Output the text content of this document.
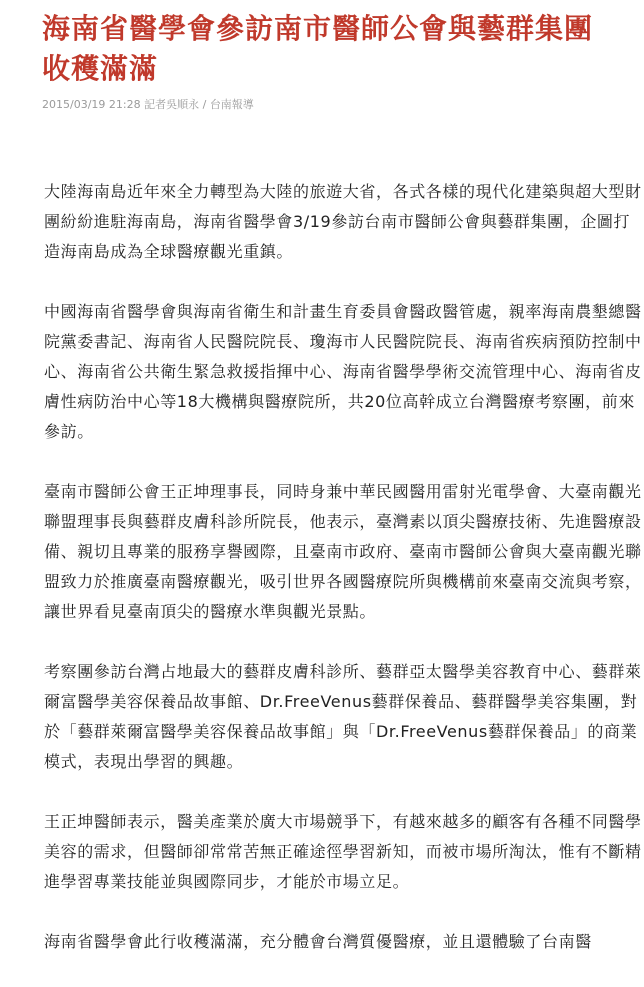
海南省醫學會參訪南市醫師公會與藝群集團　收穫滿滿
2015/03/19 21:28 記者吳順永 / 台南報導

大陸海南島近年來全力轉型為大陸的旅遊大省，各式各樣的現代化建築與超大型財團紛紛進駐海南島，海南省醫學會3/19參訪台南市醫師公會與藝群集團，企圖打造海南島成為全球醫療觀光重鎮。

中國海南省醫學會與海南省衛生和計畫生育委員會醫政醫管處，親率海南農墾總醫院黨委書記、海南省人民醫院院長、瓊海市人民醫院院長、海南省疾病預防控制中心、海南省公共衛生緊急救援指揮中心、海南省醫學學術交流管理中心、海南省皮膚性病防治中心等18大機構與醫療院所，共20位高幹成立台灣醫療考察團，前來參訪。

臺南市醫師公會王正坤理事長，同時身兼中華民國醫用雷射光電學會、大臺南觀光聯盟理事長與藝群皮膚科診所院長，他表示，臺灣素以頂尖醫療技術、先進醫療設備、親切且專業的服務享譽國際，且臺南市政府、臺南市醫師公會與大臺南觀光聯盟致力於推廣臺南醫療觀光，吸引世界各國醫療院所與機構前來臺南交流與考察，讓世界看見臺南頂尖的醫療水準與觀光景點。

考察團參訪台灣占地最大的藝群皮膚科診所、藝群亞太醫學美容教育中心、藝群萊爾富醫學美容保養品故事館、Dr.FreeVenus藝群保養品、藝群醫學美容集團，對於「藝群萊爾富醫學美容保養品故事館」與「Dr.FreeVenus藝群保養品」的商業模式，表現出學習的興趣。

王正坤醫師表示，醫美產業於廣大市場競爭下，有越來越多的顧客有各種不同醫學美容的需求，但醫師卻常常苦無正確途徑學習新知，而被市場所淘汰，惟有不斷精進學習專業技能並與國際同步，才能於市場立足。

海南省醫學會此行收穫滿滿，充分體會台灣質優醫療，並且還體驗了台南醫
